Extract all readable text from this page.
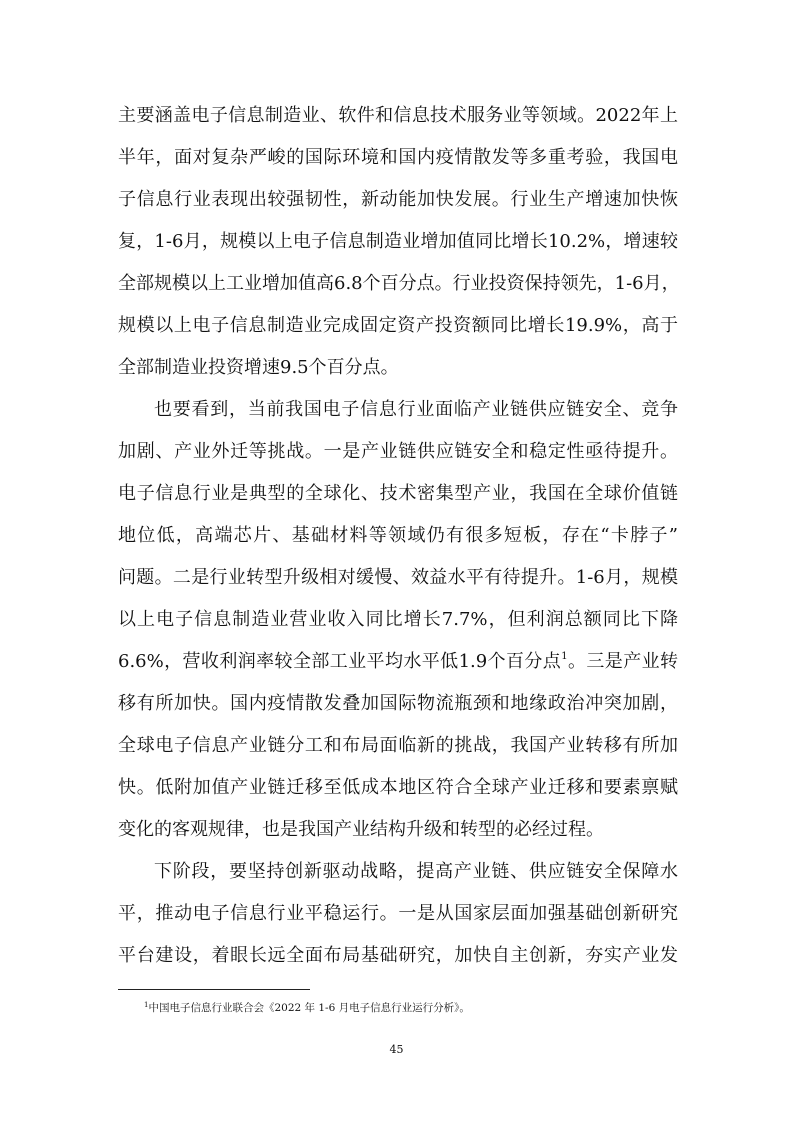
主要涵盖电子信息制造业、软件和信息技术服务业等领域。2022年上
半年，面对复杂严峻的国际环境和国内疫情散发等多重考验，我国电
子信息行业表现出较强韧性，新动能加快发展。行业生产增速加快恢
复，1-6月，规模以上电子信息制造业增加值同比增长10.2%，增速较
全部规模以上工业增加值高6.8个百分点。行业投资保持领先，1-6月，
规模以上电子信息制造业完成固定资产投资额同比增长19.9%，高于
全部制造业投资增速9.5个百分点。
也要看到，当前我国电子信息行业面临产业链供应链安全、竞争
加剧、产业外迁等挑战。一是产业链供应链安全和稳定性亟待提升。
电子信息行业是典型的全球化、技术密集型产业，我国在全球价值链
地位低，高端芯片、基础材料等领域仍有很多短板，存在“卡脖子”
问题。二是行业转型升级相对缓慢、效益水平有待提升。1-6月，规模
以上电子信息制造业营业收入同比增长7.7%，但利润总额同比下降
6.6%，营收利润率较全部工业平均水平低1.9个百分点$^1$。三是产业转
移有所加快。国内疫情散发叠加国际物流瓶颈和地缘政治冲突加剧，
全球电子信息产业链分工和布局面临新的挑战，我国产业转移有所加
快。低附加值产业链迁移至低成本地区符合全球产业迁移和要素禀赋
变化的客观规律，也是我国产业结构升级和转型的必经过程。
下阶段，要坚持创新驱动战略，提高产业链、供应链安全保障水
平，推动电子信息行业平稳运行。一是从国家层面加强基础创新研究
平台建设，着眼长远全面布局基础研究，加快自主创新，夯实产业发
$^1$中国电子信息行业联合会《2022 年 1-6 月电子信息行业运行分析》。
45
